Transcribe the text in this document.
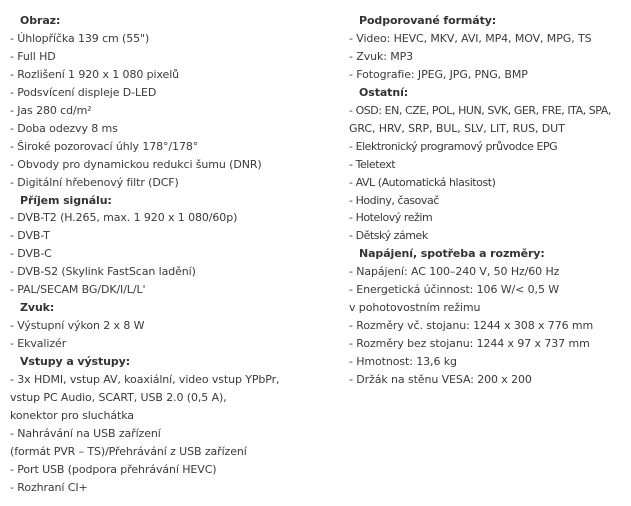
Obraz:
- Úhlopříčka 139 cm (55")
- Full HD
- Rozlišení 1 920 x 1 080 pixelů
- Podsvícení displeje D-LED
- Jas 280 cd/m²
- Doba odezvy 8 ms
- Široké pozorovací úhly 178°/178°
- Obvody pro dynamickou redukci šumu (DNR)
- Digitální hřebenový filtr (DCF)
Příjem signálu:
- DVB-T2 (H.265, max. 1 920 x 1 080/60p)
- DVB-T
- DVB-C
- DVB-S2 (Skylink FastScan ladění)
- PAL/SECAM BG/DK/I/L/L'
Zvuk:
- Výstupní výkon 2 x 8 W
- Ekvalizér
Vstupy a výstupy:
- 3x HDMI, vstup AV, koaxiální, video vstup YPbPr,
vstup PC Audio, SCART, USB 2.0 (0,5 A),
konektor pro sluchátka
- Nahrávání na USB zařízení
(formát PVR – TS)/Přehrávání z USB zařízení
- Port USB (podpora přehrávání HEVC)
- Rozhraní CI+
Podporované formáty:
- Video: HEVC, MKV, AVI, MP4, MOV, MPG, TS
- Zvuk: MP3
- Fotografie: JPEG, JPG, PNG, BMP
Ostatní:
- OSD: EN, CZE, POL, HUN, SVK, GER, FRE, ITA, SPA,
GRC, HRV, SRP, BUL, SLV, LIT, RUS, DUT
- Elektronický programový průvodce EPG
- Teletext
- AVL (Automatická hlasitost)
- Hodiny, časovač
- Hotelový režim
- Dětský zámek
Napájení, spotřeba a rozměry:
- Napájení: AC 100–240 V, 50 Hz/60 Hz
- Energetická účinnost: 106 W/< 0,5 W
v pohotovostním režimu
- Rozměry vč. stojanu: 1244 x 308 x 776 mm
- Rozměry bez stojanu: 1244 x 97 x 737 mm
- Hmotnost: 13,6 kg
- Držák na stěnu VESA: 200 x 200
